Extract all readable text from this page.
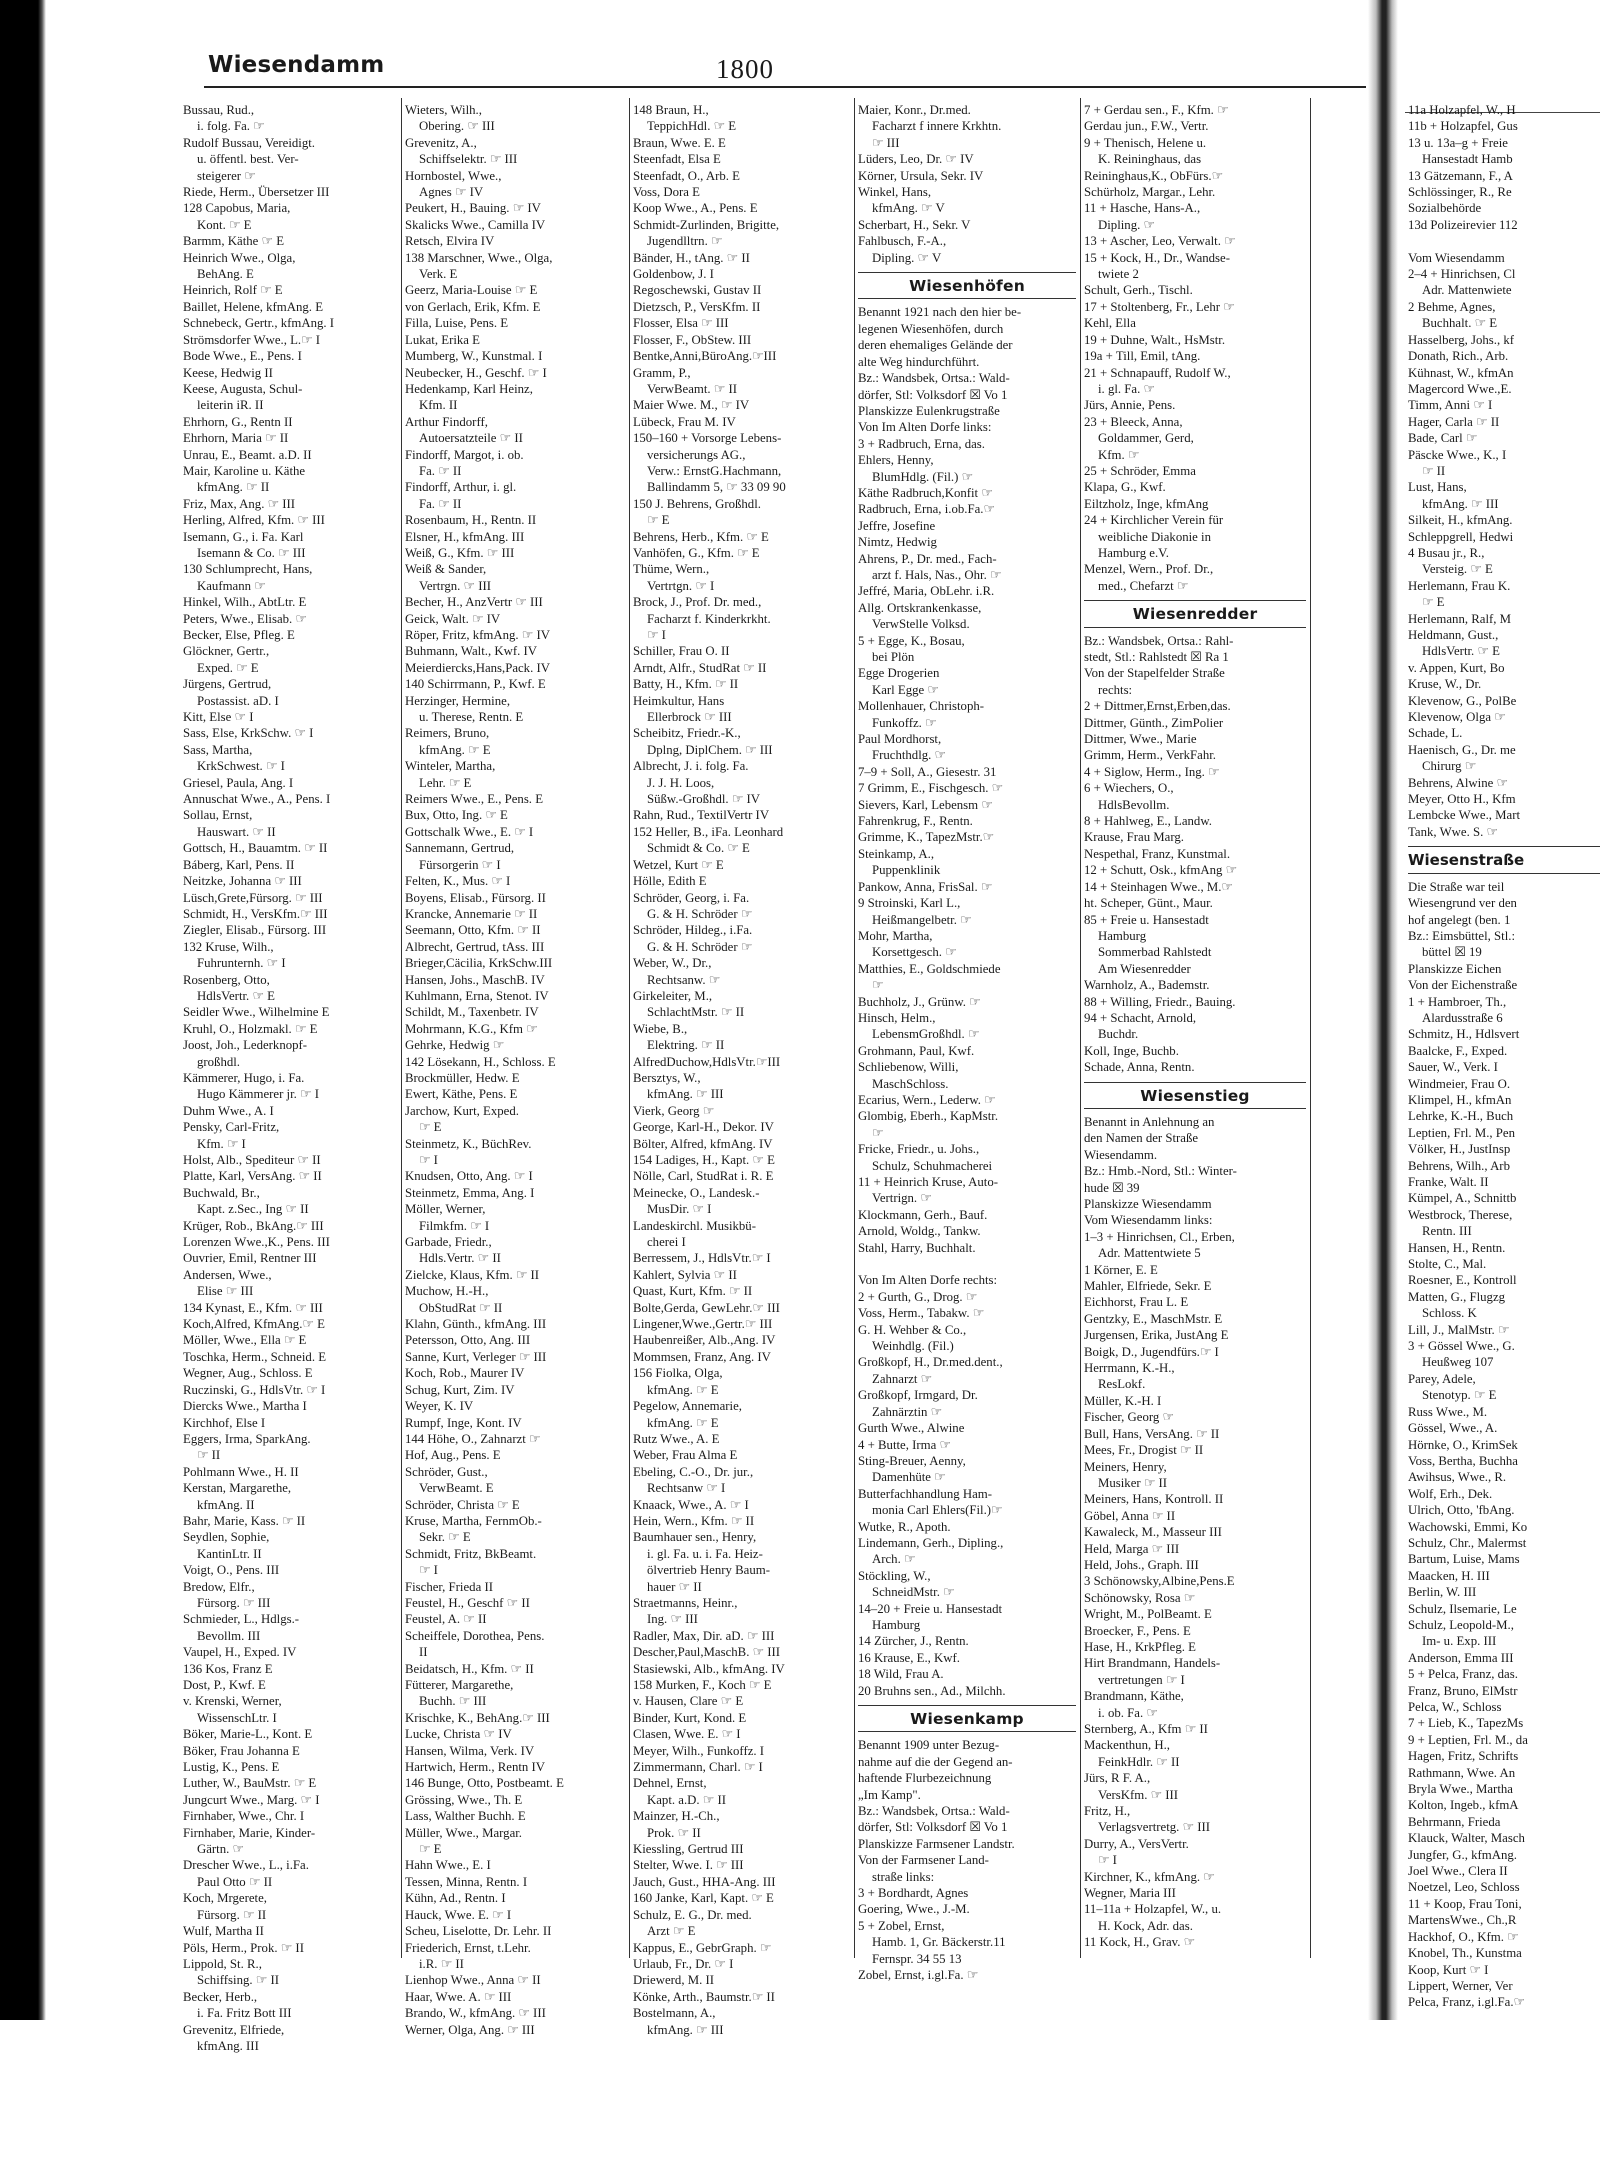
Wiesendamm	1800
Bussau, Rud.,
i. folg. Fa. ☞
Rudolf Bussau, Vereidigt.
u. öffentl. best. Ver-
steigerer ☞
Riede, Herm., Übersetzer III
128 Capobus, Maria,
Kont. ☞ E
Barmm, Käthe ☞ E
Heinrich Wwe., Olga,
BehAng. E
Heinrich, Rolf ☞ E
Baillet, Helene, kfmAng. E
Schnebeck, Gertr., kfmAng. I
Strömsdorfer Wwe., L.☞ I
Bode Wwe., E., Pens. I
Keese, Hedwig II
Keese, Augusta, Schul-
leiterin iR. II
Ehrhorn, G., Rentn II
Ehrhorn, Maria ☞ II
Unrau, E., Beamt. a.D. II
Mair, Karoline u. Käthe
kfmAng. ☞ II
Friz, Max, Ang. ☞ III
Herling, Alfred, Kfm. ☞ III
Isemann, G., i. Fa. Karl
Isemann & Co. ☞ III
130 Schlumprecht, Hans,
Kaufmann ☞
Hinkel, Wilh., AbtLtr. E
Peters, Wwe., Elisab. ☞
Becker, Else, Pfleg. E
Glöckner, Gertr.,
Exped. ☞ E
Jürgens, Gertrud,
Postassist. aD. I
Kitt, Else ☞ I
Sass, Else, KrkSchw. ☞ I
Sass, Martha,
KrkSchwest. ☞ I
Griesel, Paula, Ang. I
Annuschat Wwe., A., Pens. I
Sollau, Ernst,
Hauswart. ☞ II
Gottsch, H., Bauamtm. ☞ II
Báberg, Karl, Pens. II
Neitzke, Johanna ☞ III
Lüsch,Grete,Fürsorg. ☞ III
Schmidt, H., VersKfm.☞ III
Ziegler, Elisab., Fürsorg. III
132 Kruse, Wilh.,
Fuhrunternh. ☞ I
Rosenberg, Otto,
HdlsVertr. ☞ E
Seidler Wwe., Wilhelmine E
Kruhl, O., Holzmakl. ☞ E
Joost, Joh., Lederknopf-
großhdl.
Kämmerer, Hugo, i. Fa.
Hugo Kämmerer jr. ☞ I
Duhm Wwe., A. I
Pensky, Carl-Fritz,
Kfm. ☞ I
Holst, Alb., Spediteur ☞ II
Platte, Karl, VersAng. ☞ II
Buchwald, Br.,
Kapt. z.Sec., Ing ☞ II
Krüger, Rob., BkAng.☞ III
Lorenzen Wwe.,K., Pens. III
Ouvrier, Emil, Rentner III
Andersen, Wwe.,
Elise ☞ III
134 Kynast, E., Kfm. ☞ III
Koch,Alfred, KfmAng.☞ E
Möller, Wwe., Ella ☞ E
Toschka, Herm., Schneid. E
Wegner, Aug., Schloss. E
Ruczinski, G., HdlsVtr. ☞ I
Diercks Wwe., Martha I
Kirchhof, Else I
Eggers, Irma, SparkAng.
☞ II
Pohlmann Wwe., H. II
Kerstan, Margarethe,
kfmAng. II
Bahr, Marie, Kass. ☞ II
Seydlen, Sophie,
KantinLtr. II
Voigt, O., Pens. III
Bredow, Elfr.,
Fürsorg. ☞ III
Schmieder, L., Hdlgs.-
Bevollm. III
Vaupel, H., Exped. IV
136 Kos, Franz E
Dost, P., Kwf. E
v. Krenski, Werner,
WissenschLtr. I
Böker, Marie-L., Kont. E
Böker, Frau Johanna E
Lustig, K., Pens. E
Luther, W., BauMstr. ☞ E
Jungcurt Wwe., Marg. ☞ I
Firnhaber, Wwe., Chr. I
Firnhaber, Marie, Kinder-
Gärtn. ☞
Drescher Wwe., L., i.Fa.
Paul Otto ☞ II
Koch, Mrgerete,
Fürsorg. ☞ II
Wulf, Martha II
Pöls, Herm., Prok. ☞ II
Lippold, St. R.,
Schiffsing. ☞ II
Becker, Herb.,
i. Fa. Fritz Bott III
Grevenitz, Elfriede,
kfmAng. III
Wieters, Wilh.,
Obering. ☞ III
Grevenitz, A.,
Schiffselektr. ☞ III
Hornbostel, Wwe.,
Agnes ☞ IV
Peukert, H., Bauing. ☞ IV
Skalicks Wwe., Camilla IV
Retsch, Elvira IV
138 Marschner, Wwe., Olga,
Verk. E
Geerz, Maria-Louise ☞ E
von Gerlach, Erik, Kfm. E
Filla, Luise, Pens. E
Lukat, Erika E
Mumberg, W., Kunstmal. I
Neubecker, H., Geschf. ☞ I
Hedenkamp, Karl Heinz,
Kfm. II
Arthur Findorff,
Autoersatzteile ☞ II
Findorff, Margot, i. ob.
Fa. ☞ II
Findorff, Arthur, i. gl.
Fa. ☞ II
Rosenbaum, H., Rentn. II
Elsner, H., kfmAng. III
Weiß, G., Kfm. ☞ III
Weiß & Sander,
Vertrgn. ☞ III
Becher, H., AnzVertr ☞ III
Geick, Walt. ☞ IV
Röper, Fritz, kfmAng. ☞ IV
Buhmann, Walt., Kwf. IV
Meierdiercks,Hans,Pack. IV
140 Schirrmann, P., Kwf. E
Herzinger, Hermine,
u. Therese, Rentn. E
Reimers, Bruno,
kfmAng. ☞ E
Winteler, Martha,
Lehr. ☞ E
Reimers Wwe., E., Pens. E
Bux, Otto, Ing. ☞ E
Gottschalk Wwe., E. ☞ I
Sannemann, Gertrud,
Fürsorgerin ☞ I
Felten, K., Mus. ☞ I
Boyens, Elisab., Fürsorg. II
Krancke, Annemarie ☞ II
Seemann, Otto, Kfm. ☞ II
Albrecht, Gertrud, tAss. III
Brieger,Cäcilia, KrkSchw.III
Hansen, Johs., MaschB. IV
Kuhlmann, Erna, Stenot. IV
Schildt, M., Taxenbetr. IV
Mohrmann, K.G., Kfm ☞
Gehrke, Hedwig ☞
142 Lösekann, H., Schloss. E
Brockmüller, Hedw. E
Ewert, Käthe, Pens. E
Jarchow, Kurt, Exped.
☞ E
Steinmetz, K., BüchRev.
☞ I
Knudsen, Otto, Ang. ☞ I
Steinmetz, Emma, Ang. I
Möller, Werner,
Filmkfm. ☞ I
Garbade, Friedr.,
Hdls.Vertr. ☞ II
Zielcke, Klaus, Kfm. ☞ II
Muchow, H.-H.,
ObStudRat ☞ II
Klahn, Günth., kfmAng. III
Petersson, Otto, Ang. III
Sanne, Kurt, Verleger ☞ III
Koch, Rob., Maurer IV
Schug, Kurt, Zim. IV
Weyer, K. IV
Rumpf, Inge, Kont. IV
144 Höhe, O., Zahnarzt ☞
Hof, Aug., Pens. E
Schröder, Gust.,
VerwBeamt. E
Schröder, Christa ☞ E
Kruse, Martha, FernmOb.-
Sekr. ☞ E
Schmidt, Fritz, BkBeamt.
☞ I
Fischer, Frieda II
Feustel, H., Geschf ☞ II
Feustel, A. ☞ II
Scheiffele, Dorothea, Pens.
II
Beidatsch, H., Kfm. ☞ II
Fütterer, Margarethe,
Buchh. ☞ III
Krischke, K., BehAng.☞ III
Lucke, Christa ☞ IV
Hansen, Wilma, Verk. IV
Hartwich, Herm., Rentn IV
146 Bunge, Otto, Postbeamt. E
Grössing, Wwe., Th. E
Lass, Walther Buchh. E
Müller, Wwe., Margar.
☞ E
Hahn Wwe., E. I
Tessen, Minna, Rentn. I
Kühn, Ad., Rentn. I
Hauck, Wwe. E. ☞ I
Scheu, Liselotte, Dr. Lehr. II
Friederich, Ernst, t.Lehr.
i.R. ☞ II
Lienhop Wwe., Anna ☞ II
Haar, Wwe. A. ☞ III
Brando, W., kfmAng. ☞ III
Werner, Olga, Ang. ☞ III
148 Braun, H.,
TeppichHdl. ☞ E
Braun, Wwe. E. E
Steenfadt, Elsa E
Steenfadt, O., Arb. E
Voss, Dora E
Koop Wwe., A., Pens. E
Schmidt-Zurlinden, Brigitte,
Jugendlltrn. ☞
Bänder, H., tAng. ☞ II
Goldenbow, J. I
Regoschewski, Gustav II
Dietzsch, P., VersKfm. II
Flosser, Elsa ☞ III
Flosser, F., ObStew. III
Bentke,Anni,BüroAng.☞III
Gramm, P.,
VerwBeamt. ☞ II
Maier Wwe. M., ☞ IV
Lübeck, Frau M. IV
150–160 + Vorsorge Lebens-
versicherungs AG.,
Verw.: ErnstG.Hachmann,
Ballindamm 5, ☞ 33 09 90
150 J. Behrens, Großhdl.
☞ E
Behrens, Herb., Kfm. ☞ E
Vanhöfen, G., Kfm. ☞ E
Thüme, Wern.,
Vertrtgn. ☞ I
Brock, J., Prof. Dr. med.,
Facharzt f. Kinderkrkht.
☞ I
Schiller, Frau O. II
Arndt, Alfr., StudRat ☞ II
Batty, H., Kfm. ☞ II
Heimkultur, Hans
Ellerbrock ☞ III
Scheibitz, Friedr.-K.,
Dplng, DiplChem. ☞ III
Albrecht, J. i. folg. Fa.
J. J. H. Loos,
Süßw.-Großhdl. ☞ IV
Rahn, Rud., TextilVertr IV
152 Heller, B., iFa. Leonhard
Schmidt & Co. ☞ E
Wetzel, Kurt ☞ E
Hölle, Edith E
Schröder, Georg, i. Fa.
G. & H. Schröder ☞
Schröder, Hildeg., i.Fa.
G. & H. Schröder ☞
Weber, W., Dr.,
Rechtsanw. ☞
Girkeleiter, M.,
SchlachtMstr. ☞ II
Wiebe, B.,
Elektring. ☞ II
AlfredDuchow,HdlsVtr.☞III
Bersztys, W.,
kfmAng. ☞ III
Vierk, Georg ☞
George, Karl-H., Dekor. IV
Bölter, Alfred, kfmAng. IV
154 Ladiges, H., Kapt. ☞ E
Nölle, Carl, StudRat i. R. E
Meinecke, O., Landesk.-
MusDir. ☞ I
Landeskirchl. Musikbü-
cherei I
Berressem, J., HdlsVtr.☞ I
Kahlert, Sylvia ☞ II
Quast, Kurt, Kfm. ☞ II
Bolte,Gerda, GewLehr.☞ III
Lingener,Wwe.,Gertr.☞ III
Haubenreißer, Alb.,Ang. IV
Mommsen, Franz, Ang. IV
156 Fiolka, Olga,
kfmAng. ☞ E
Pegelow, Annemarie,
kfmAng. ☞ E
Rutz Wwe., A. E
Weber, Frau Alma E
Ebeling, C.-O., Dr. jur.,
Rechtsanw ☞ I
Knaack, Wwe., A. ☞ I
Hein, Wern., Kfm. ☞ II
Baumhauer sen., Henry,
i. gl. Fa. u. i. Fa. Heiz-
ölvertrieb Henry Baum-
hauer ☞ II
Straetmanns, Heinr.,
Ing. ☞ III
Radler, Max, Dir. aD. ☞ III
Descher,Paul,MaschB. ☞ III
Stasiewski, Alb., kfmAng. IV
158 Murken, F., Koch ☞ E
v. Hausen, Clare ☞ E
Binder, Kurt, Kond. E
Clasen, Wwe. E. ☞ I
Meyer, Wilh., Funkoffz. I
Zimmermann, Charl. ☞ I
Dehnel, Ernst,
Kapt. a.D. ☞ II
Mainzer, H.-Ch.,
Prok. ☞ II
Kiessling, Gertrud III
Stelter, Wwe. I. ☞ III
Jauch, Gust., HHA-Ang. III
160 Janke, Karl, Kapt. ☞ E
Schulz, E. G., Dr. med.
Arzt ☞ E
Kappus, E., GebrGraph. ☞
Urlaub, Fr., Dr. ☞ I
Driewerd, M. II
Könke, Arth., Baumstr.☞ II
Bostelmann, A.,
kfmAng. ☞ III
Maier, Konr., Dr.med.
Facharzt f innere Krkhtn.
☞ III
Lüders, Leo, Dr. ☞ IV
Körner, Ursula, Sekr. IV
Winkel, Hans,
kfmAng. ☞ V
Scherbart, H., Sekr. V
Fahlbusch, F.-A.,
Dipling. ☞ V
Wiesenhöfen
Benannt 1921 nach den hier be-
legenen Wiesenhöfen, durch
deren ehemaliges Gelände der
alte Weg hindurchführt.
Bz.: Wandsbek, Ortsa.: Wald-
dörfer, Stl: Volksdorf ☒ Vo 1
Planskizze Eulenkrugstraße
Von Im Alten Dorfe links:
3 + Radbruch, Erna, das.
Ehlers, Henny,
BlumHdlg. (Fil.) ☞
Käthe Radbruch,Konfit ☞
Radbruch, Erna, i.ob.Fa.☞
Jeffre, Josefine
Nimtz, Hedwig
Ahrens, P., Dr. med., Fach-
arzt f. Hals, Nas., Ohr. ☞
Jeffré, Maria, ObLehr. i.R.
Allg. Ortskrankenkasse,
VerwStelle Volksd.
5 + Egge, K., Bosau,
bei Plön
Egge Drogerien
Karl Egge ☞
Mollenhauer, Christoph-
Funkoffz. ☞
Paul Mordhorst,
Fruchthdlg. ☞
7–9 + Soll, A., Giesestr. 31
7 Grimm, E., Fischgesch. ☞
Sievers, Karl, Lebensm ☞
Fahrenkrug, F., Rentn.
Grimme, K., TapezMstr.☞
Steinkamp, A.,
Puppenklinik
Pankow, Anna, FrisSal. ☞
9 Stroinski, Karl L.,
Heißmangelbetr. ☞
Mohr, Martha,
Korsettgesch. ☞
Matthies, E., Goldschmiede
☞
Buchholz, J., Grünw. ☞
Hinsch, Helm.,
LebensmGroßhdl. ☞
Grohmann, Paul, Kwf.
Schliebenow, Willi,
MaschSchloss.
Ecarius, Wern., Lederw. ☞
Glombig, Eberh., KapMstr.
☞
Fricke, Friedr., u. Johs.,
Schulz, Schuhmacherei
11 + Heinrich Kruse, Auto-
Vertrign. ☞
Klockmann, Gerh., Bauf.
Arnold, Woldg., Tankw.
Stahl, Harry, Buchhalt.

Von Im Alten Dorfe rechts:
2 + Gurth, G., Drog. ☞
Voss, Herm., Tabakw. ☞
G. H. Wehber & Co.,
Weinhdlg. (Fil.)
Großkopf, H., Dr.med.dent.,
Zahnarzt ☞
Großkopf, Irmgard, Dr.
Zahnärztin ☞
Gurth Wwe., Alwine
4 + Butte, Irma ☞
Sting-Breuer, Aenny,
Damenhüte ☞
Butterfachhandlung Ham-
monia Carl Ehlers(Fil.)☞
Wutke, R., Apoth.
Lindemann, Gerh., Dipling.,
Arch. ☞
Stöckling, W.,
SchneidMstr. ☞
14–20 + Freie u. Hansestadt
Hamburg
14 Zürcher, J., Rentn.
16 Krause, E., Kwf.
18 Wild, Frau A.
20 Bruhns sen., Ad., Milchh.
Wiesenkamp
Benannt 1909 unter Bezug-
nahme auf die der Gegend an-
haftende Flurbezeichnung
„Im Kamp".
Bz.: Wandsbek, Ortsa.: Wald-
dörfer, Stl: Volksdorf ☒ Vo 1
Planskizze Farmsener Landstr.
Von der Farmsener Land-
straße links:
3 + Bordhardt, Agnes
Goering, Wwe., J.-M.
5 + Zobel, Ernst,
Hamb. 1, Gr. Bäckerstr.11
Fernspr. 34 55 13
Zobel, Ernst, i.gl.Fa. ☞
7 + Gerdau sen., F., Kfm. ☞
Gerdau jun., F.W., Vertr.
9 + Thenisch, Helene u.
K. Reininghaus, das
Reininghaus,K., ObFürs.☞
Schürholz, Margar., Lehr.
11 + Hasche, Hans-A.,
Dipling. ☞
13 + Ascher, Leo, Verwalt. ☞
15 + Kock, H., Dr., Wandse-
twiete 2
Schult, Gerh., Tischl.
17 + Stoltenberg, Fr., Lehr ☞
Kehl, Ella
19 + Duhne, Walt., HsMstr.
19a + Till, Emil, tAng.
21 + Schnapauff, Rudolf W.,
i. gl. Fa. ☞
Jürs, Annie, Pens.
23 + Bleeck, Anna,
Goldammer, Gerd,
Kfm. ☞
25 + Schröder, Emma
Klapa, G., Kwf.
Eiltzholz, Inge, kfmAng
24 + Kirchlicher Verein für
weibliche Diakonie in
Hamburg e.V.
Menzel, Wern., Prof. Dr.,
med., Chefarzt ☞
Wiesenredder
Bz.: Wandsbek, Ortsa.: Rahl-
stedt, Stl.: Rahlstedt ☒ Ra 1
Von der Stapelfelder Straße
rechts:
2 + Dittmer,Ernst,Erben,das.
Dittmer, Günth., ZimPolier
Dittmer, Wwe., Marie
Grimm, Herm., VerkFahr.
4 + Siglow, Herm., Ing. ☞
6 + Wiechers, O.,
HdlsBevollm.
8 + Hahlweg, E., Landw.
Krause, Frau Marg.
Nespethal, Franz, Kunstmal.
12 + Schutt, Osk., kfmAng ☞
14 + Steinhagen Wwe., M.☞
ht. Scheper, Günt., Maur.
85 + Freie u. Hansestadt
Hamburg
Sommerbad Rahlstedt
Am Wiesenredder
Warnholz, A., Bademstr.
88 + Willing, Friedr., Bauing.
94 + Schacht, Arnold,
Buchdr.
Koll, Inge, Buchb.
Schade, Anna, Rentn.
Wiesenstieg
Benannt in Anlehnung an
den Namen der Straße
Wiesendamm.
Bz.: Hmb.-Nord, Stl.: Winter-
hude ☒ 39
Planskizze Wiesendamm
Vom Wiesendamm links:
1–3 + Hinrichsen, Cl., Erben,
Adr. Mattentwiete 5
1 Körner, E. E
Mahler, Elfriede, Sekr. E
Eichhorst, Frau L. E
Gentzky, E., MaschMstr. E
Jurgensen, Erika, JustAng E
Boigk, D., Jugendfürs.☞ I
Herrmann, K.-H.,
ResLokf.
Müller, K.-H. I
Fischer, Georg ☞
Bull, Hans, VersAng. ☞ II
Mees, Fr., Drogist ☞ II
Meiners, Henry,
Musiker ☞ II
Meiners, Hans, Kontroll. II
Göbel, Anna ☞ II
Kawaleck, M., Masseur III
Held, Marga ☞ III
Held, Johs., Graph. III
3 Schönowsky,Albine,Pens.E
Schönowsky, Rosa ☞
Wright, M., PolBeamt. E
Broecker, F., Pens. E
Hase, H., KrkPfleg. E
Hirt Brandmann, Handels-
vertretungen ☞ I
Brandmann, Käthe,
i. ob. Fa. ☞
Sternberg, A., Kfm ☞ II
Mackenthun, H.,
FeinkHdlr. ☞ II
Jürs, R F. A.,
VersKfm. ☞ III
Fritz, H.,
Verlagsvertretg. ☞ III
Durry, A., VersVertr.
☞ I
Kirchner, K., kfmAng. ☞
Wegner, Maria III
11–11a + Holzapfel, W., u.
H. Kock, Adr. das.
11 Kock, H., Grav. ☞
11a Holzapfel, W., H
11b + Holzapfel, Gus
13 u. 13a–g + Freie
Hansestadt Hamb
13 Gätzemann, F., A
Schlössinger, R., Re
Sozialbehörde
13d Polizeirevier 112

Vom Wiesendamm
2–4 + Hinrichsen, Cl
Adr. Mattenwiete
2 Behme, Agnes,
Buchhalt. ☞ E
Hasselberg, Johs., kf
Donath, Rich., Arb.
Kühnast, W., kfmAn
Magercord Wwe.,E.
Timm, Anni ☞ I
Hager, Carla ☞ II
Bade, Carl ☞
Päscke Wwe., K., I
☞ II
Lust, Hans,
kfmAng. ☞ III
Silkeit, H., kfmAng.
Schleppgrell, Hedwi
4 Busau jr., R.,
Versteig. ☞ E
Herlemann, Frau K.
☞ E
Herlemann, Ralf, M
Heldmann, Gust.,
HdlsVertr. ☞ E
v. Appen, Kurt, Bo
Kruse, W., Dr.
Klevenow, G., PolBe
Klevenow, Olga ☞
Schade, L.
Haenisch, G., Dr. me
Chirurg ☞
Behrens, Alwine ☞
Meyer, Otto H., Kfm
Lembcke Wwe., Mart
Tank, Wwe. S. ☞
Wiesenstraße
Die Straße war teil
Wiesengrund ver den
hof angelegt (ben. 1
Bz.: Eimsbüttel, Stl.:
büttel ☒ 19
Planskizze Eichen
Von der Eichenstraße
1 + Hambroer, Th.,
Alardusstraße 6
Schmitz, H., Hdlsvert
Baalcke, F., Exped.
Sauer, W., Verk. I
Windmeier, Frau O.
Klimpel, H., kfmAn
Lehrke, K.-H., Buch
Leptien, Frl. M., Pen
Völker, H., JustInsp
Behrens, Wilh., Arb
Franke, Walt. II
Kümpel, A., Schnittb
Westbrock, Therese,
Rentn. III
Hansen, H., Rentn.
Stolte, C., Mal.
Roesner, E., Kontroll
Matten, G., Flugzg
Schloss. K
Lill, J., MalMstr. ☞
3 + Gössel Wwe., G.
Heußweg 107
Parey, Adele,
Stenotyp. ☞ E
Russ Wwe., M.
Gössel, Wwe., A.
Hörnke, O., KrimSek
Voss, Bertha, Buchha
Awihsus, Wwe., R.
Wolf, Erh., Dek.
Ulrich, Otto, 'fbAng.
Wachowski, Emmi, Ko
Schulz, Chr., Malermst
Bartum, Luise, Mams
Maacken, H. III
Berlin, W. III
Schulz, Ilsemarie, Le
Schulz, Leopold-M.,
Im- u. Exp. III
Anderson, Emma III
5 + Pelca, Franz, das.
Franz, Bruno, ElMstr
Pelca, W., Schloss
7 + Lieb, K., TapezMs
9 + Leptien, Frl. M., da
Hagen, Fritz, Schrifts
Rathmann, Wwe. An
Bryla Wwe., Martha
Kolton, Ingeb., kfmA
Behrmann, Frieda
Klauck, Walter, Masch
Jungfer, G., kfmAng.
Joel Wwe., Clera II
Noetzel, Leo, Schloss
11 + Koop, Frau Toni,
MartensWwe., Ch.,R
Hackhof, O., Kfm. ☞
Knobel, Th., Kunstma
Koop, Kurt ☞ I
Lippert, Werner, Ver
Pelca, Franz, i.gl.Fa.☞
